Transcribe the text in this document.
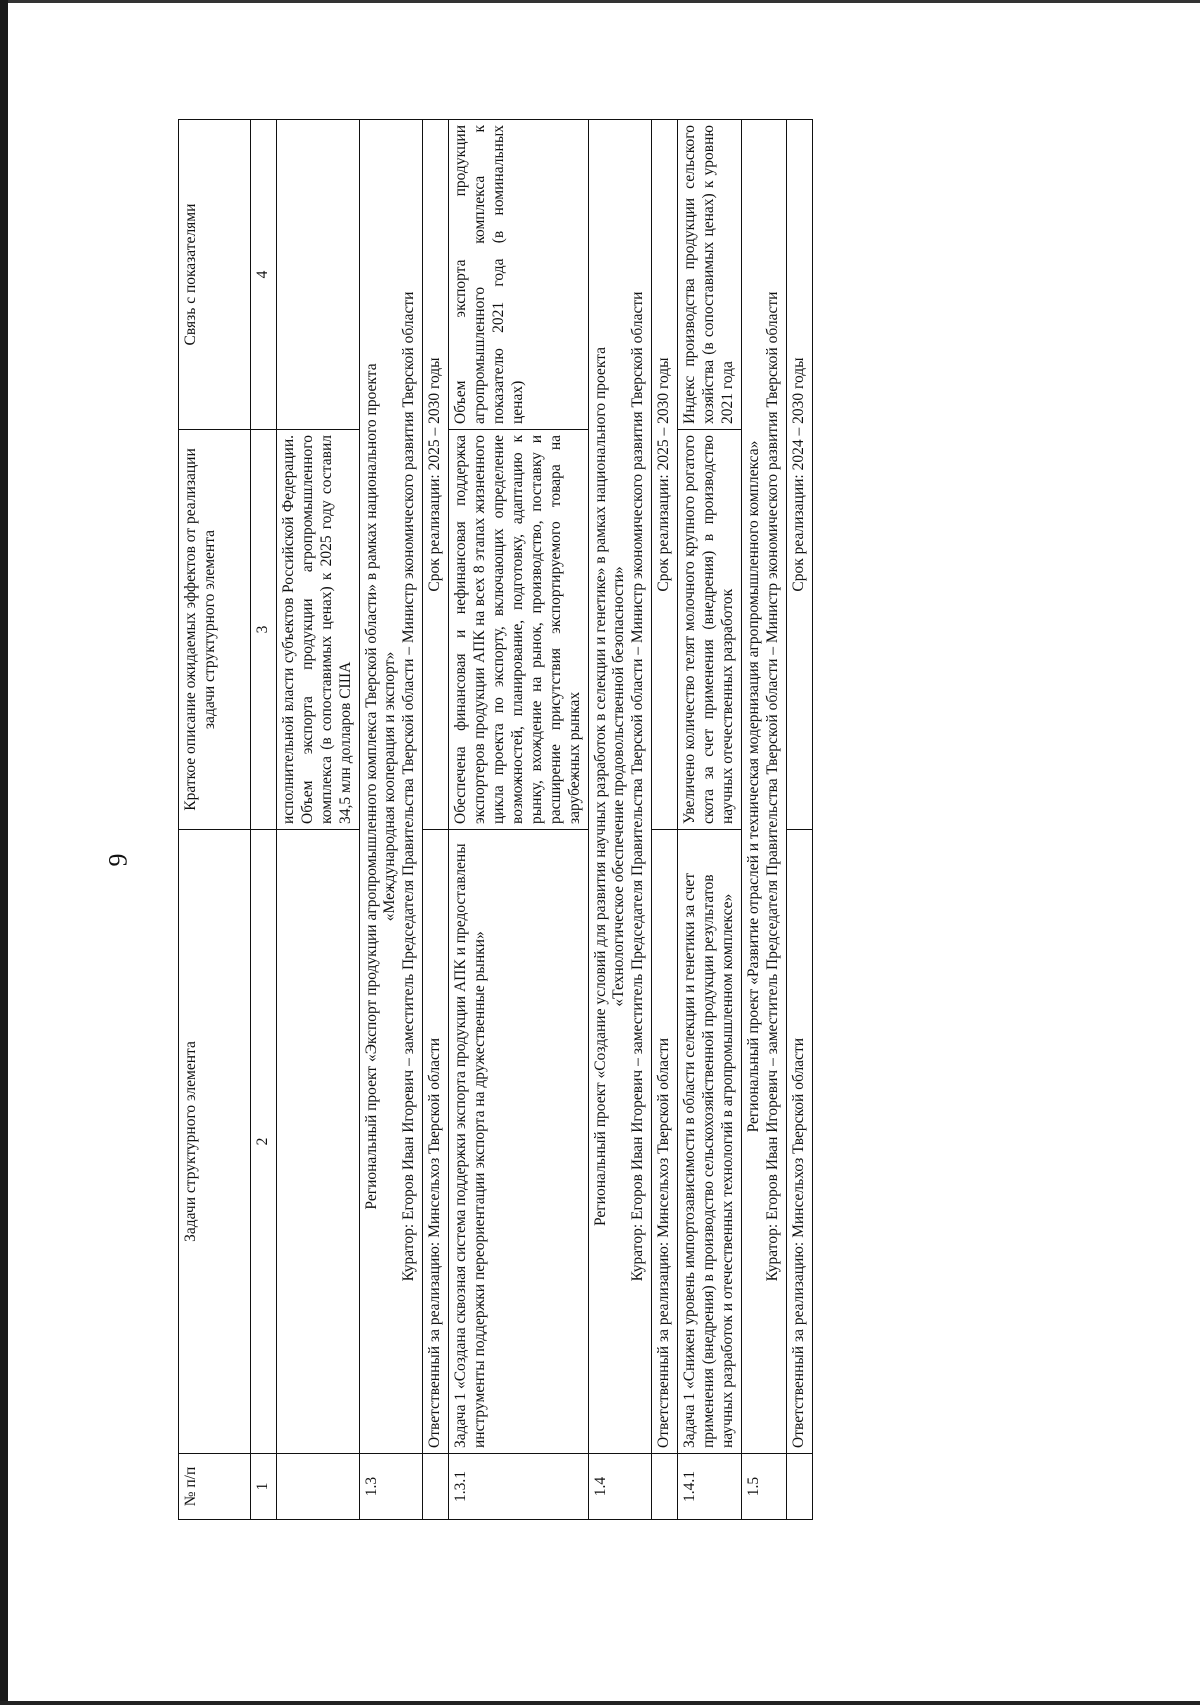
9
№ п/п	Задачи структурного элемента	Краткое описание ожидаемых эффектов от реализации задачи структурного элемента	Связь с показателями
1	2	3	4
		исполнительной власти субъектов Российской Федерации. Объем экспорта продукции агропромышленного комплекса (в сопоставимых ценах) к 2025 году составил 34,5 млн долларов США	
1.3	Региональный проект «Экспорт продукции агропромышленного комплекса Тверской области» в рамках национального проекта «Международная кооперация и экспорт» Куратор: Егоров Иван Игоревич – заместитель Председателя Правительства Тверской области – Министр экономического развития Тверской области		

	Ответственный за реализацию: Минсельхоз Тверской области	Срок реализации: 2025 – 2030 годы	
1.3.1	Задача 1 «Создана сквозная система поддержки экспорта продукции АПК и предоставлены инструменты поддержки переориентации экспорта на дружественные рынки»	Обеспечена финансовая и нефинансовая поддержка экспортеров продукции АПК на всех 8 этапах жизненного цикла проекта по экспорту, включающих определение возможностей, планирование, подготовку, адаптацию к рынку, вхождение на рынок, производство, поставку и расширение присутствия экспортируемого товара на зарубежных рынках	Объем экспорта продукции агропромышленного комплекса к показателю 2021 года (в номинальных ценах)
1.4	Региональный проект «Создание условий для развития научных разработок в селекции и генетике» в рамках национального проекта «Технологическое обеспечение продовольственной безопасности» Куратор: Егоров Иван Игоревич – заместитель Председателя Правительства Тверской области – Министр экономического развития Тверской области		

	Ответственный за реализацию: Минсельхоз Тверской области	Срок реализации: 2025 – 2030 годы	
1.4.1	Задача 1 «Снижен уровень импортозависимости в области селекции и генетики за счет применения (внедрения) в производство сельскохозяйственной продукции результатов научных разработок и отечественных технологий в агропромышленном комплексе»	Увеличено количество телят молочного крупного рогатого скота за счет применения (внедрения) в производство научных отечественных разработок	Индекс производства продукции сельского хозяйства (в сопоставимых ценах) к уровню 2021 года
1.5	Региональный проект «Развитие отраслей и техническая модернизация агропромышленного комплекса» Куратор: Егоров Иван Игоревич – заместитель Председателя Правительства Тверской области – Министр экономического развития Тверской области		

	Ответственный за реализацию: Минсельхоз Тверской области	Срок реализации: 2024 – 2030 годы	
